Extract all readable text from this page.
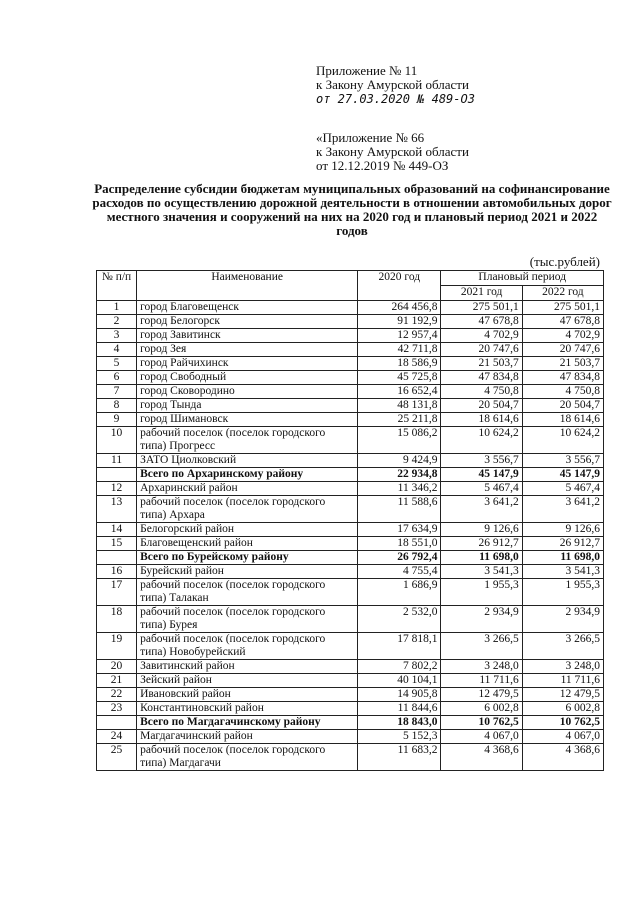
Приложение № 11
к Закону Амурской области
от 27.03.2020 № 489-ОЗ
«Приложение № 66
к Закону Амурской области
от 12.12.2019 № 449-ОЗ
Распределение субсидии бюджетам муниципальных образований на софинансирование расходов по осуществлению дорожной деятельности в отношении автомобильных дорог местного значения и сооружений на них на 2020 год и плановый период 2021 и 2022 годов
(тыс.рублей)
№ п/п	Наименование	2020 год	Плановый период	
			2021 год	2022 год
1	город Благовещенск	264 456,8	275 501,1	275 501,1
2	город Белогорск	91 192,9	47 678,8	47 678,8
3	город Завитинск	12 957,4	4 702,9	4 702,9
4	город Зея	42 711,8	20 747,6	20 747,6
5	город Райчихинск	18 586,9	21 503,7	21 503,7
6	город Свободный	45 725,8	47 834,8	47 834,8
7	город Сковородино	16 652,4	4 750,8	4 750,8
8	город Тында	48 131,8	20 504,7	20 504,7
9	город Шимановск	25 211,8	18 614,6	18 614,6
10	рабочий поселок (поселок городского типа) Прогресс	15 086,2	10 624,2	10 624,2
11	ЗАТО Циолковский	9 424,9	3 556,7	3 556,7
	Всего по Архаринскому району	22 934,8	45 147,9	45 147,9
12	Архаринский район	11 346,2	5 467,4	5 467,4
13	рабочий поселок (поселок городского типа) Архара	11 588,6	3 641,2	3 641,2
14	Белогорский район	17 634,9	9 126,6	9 126,6
15	Благовещенский район	18 551,0	26 912,7	26 912,7
	Всего по Бурейскому району	26 792,4	11 698,0	11 698,0
16	Бурейский район	4 755,4	3 541,3	3 541,3
17	рабочий поселок (поселок городского типа) Талакан	1 686,9	1 955,3	1 955,3
18	рабочий поселок (поселок городского типа) Бурея	2 532,0	2 934,9	2 934,9
19	рабочий поселок (поселок городского типа) Новобурейский	17 818,1	3 266,5	3 266,5
20	Завитинский район	7 802,2	3 248,0	3 248,0
21	Зейский район	40 104,1	11 711,6	11 711,6
22	Ивановский район	14 905,8	12 479,5	12 479,5
23	Константиновский район	11 844,6	6 002,8	6 002,8
	Всего по Магдагачинскому району	18 843,0	10 762,5	10 762,5
24	Магдагачинский район	5 152,3	4 067,0	4 067,0
25	рабочий поселок (поселок городского типа) Магдагачи	11 683,2	4 368,6	4 368,6
